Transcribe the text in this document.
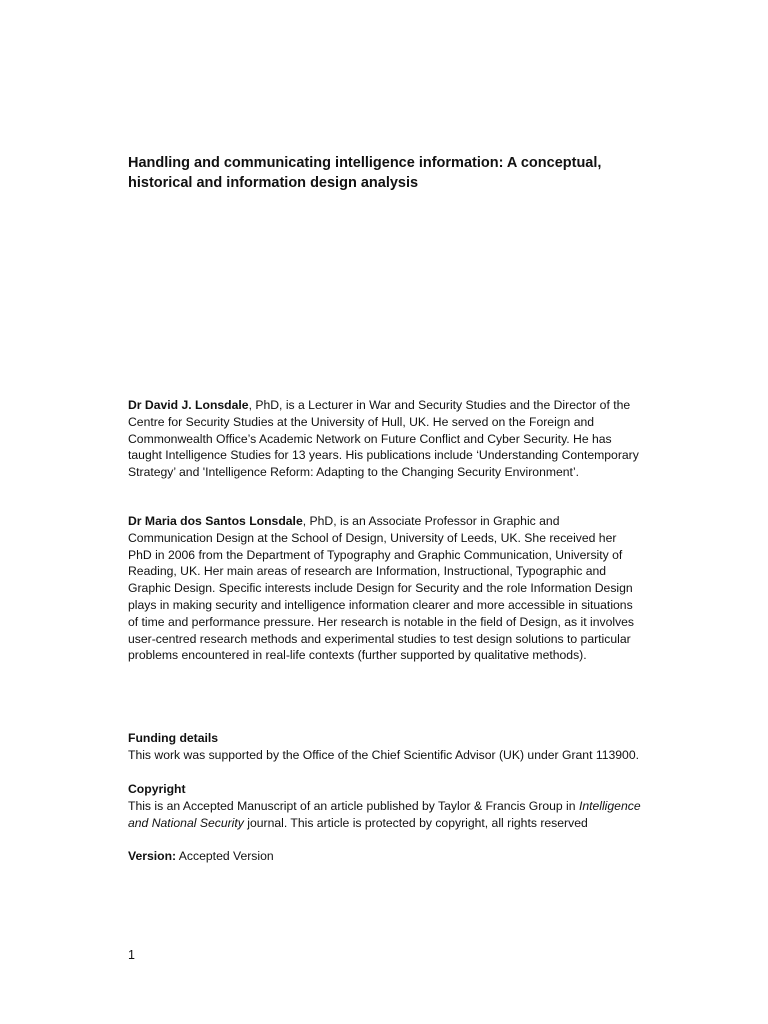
Handling and communicating intelligence information: A conceptual, historical and information design analysis

Dr David J. Lonsdale, PhD, is a Lecturer in War and Security Studies and the Director of the Centre for Security Studies at the University of Hull, UK. He served on the Foreign and Commonwealth Office’s Academic Network on Future Conflict and Cyber Security. He has taught Intelligence Studies for 13 years. His publications include ‘Understanding Contemporary Strategy’ and 'Intelligence Reform: Adapting to the Changing Security Environment’.

Dr Maria dos Santos Lonsdale, PhD, is an Associate Professor in Graphic and Communication Design at the School of Design, University of Leeds, UK. She received her PhD in 2006 from the Department of Typography and Graphic Communication, University of Reading, UK. Her main areas of research are Information, Instructional, Typographic and Graphic Design. Specific interests include Design for Security and the role Information Design plays in making security and intelligence information clearer and more accessible in situations of time and performance pressure. Her research is notable in the field of Design, as it involves user-centred research methods and experimental studies to test design solutions to particular problems encountered in real-life contexts (further supported by qualitative methods).

Funding details
This work was supported by the Office of the Chief Scientific Advisor (UK) under Grant 113900.
Copyright
This is an Accepted Manuscript of an article published by Taylor & Francis Group in Intelligence and National Security journal. This article is protected by copyright, all rights reserved
Version: Accepted Version
1
